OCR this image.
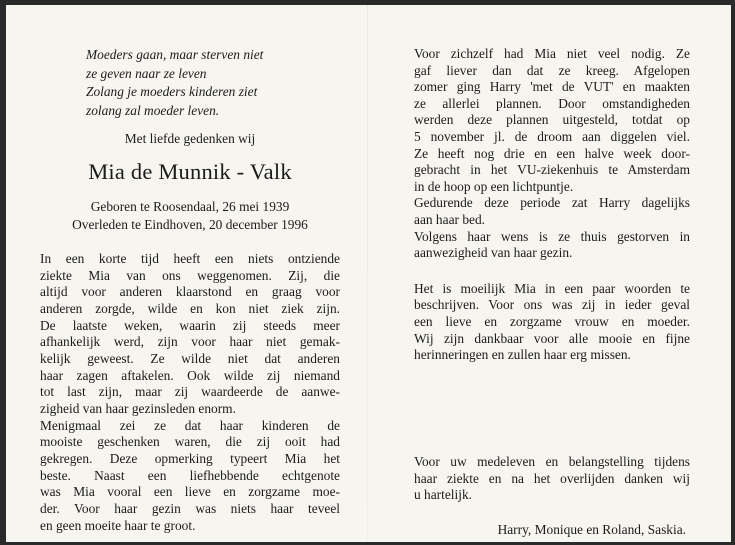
Moeders gaan, maar sterven niet
ze geven naar ze leven
Zolang je moeders kinderen ziet
zolang zal moeder leven.
Met liefde gedenken wij
Mia de Munnik - Valk
Geboren te Roosendaal, 26 mei 1939
Overleden te Eindhoven, 20 december 1996
In een korte tijd heeft een niets ontziende
ziekte Mia van ons weggenomen. Zij, die
altijd voor anderen klaarstond en graag voor
anderen zorgde, wilde en kon niet ziek zijn.
De laatste weken, waarin zij steeds meer
afhankelijk werd, zijn voor haar niet gemak-
kelijk geweest. Ze wilde niet dat anderen
haar zagen aftakelen. Ook wilde zij niemand
tot last zijn, maar zij waardeerde de aanwe-
zigheid van haar gezinsleden enorm.
Menigmaal zei ze dat haar kinderen de
mooiste geschenken waren, die zij ooit had
gekregen. Deze opmerking typeert Mia het
beste. Naast een liefhebbende echtgenote
was Mia vooral een lieve en zorgzame moe-
der. Voor haar gezin was niets haar teveel
en geen moeite haar te groot.
Voor zichzelf had Mia niet veel nodig. Ze
gaf liever dan dat ze kreeg. Afgelopen
zomer ging Harry 'met de VUT' en maakten
ze allerlei plannen. Door omstandigheden
werden deze plannen uitgesteld, totdat op
5 november jl. de droom aan diggelen viel.
Ze heeft nog drie en een halve week door-
gebracht in het VU-ziekenhuis te Amsterdam
in de hoop op een lichtpuntje.
Gedurende deze periode zat Harry dagelijks
aan haar bed.
Volgens haar wens is ze thuis gestorven in
aanwezigheid van haar gezin.
Het is moeilijk Mia in een paar woorden te
beschrijven. Voor ons was zij in ieder geval
een lieve en zorgzame vrouw en moeder.
Wij zijn dankbaar voor alle mooie en fijne
herinneringen en zullen haar erg missen.
Voor uw medeleven en belangstelling tijdens
haar ziekte en na het overlijden danken wij
u hartelijk.
Harry, Monique en Roland, Saskia.
